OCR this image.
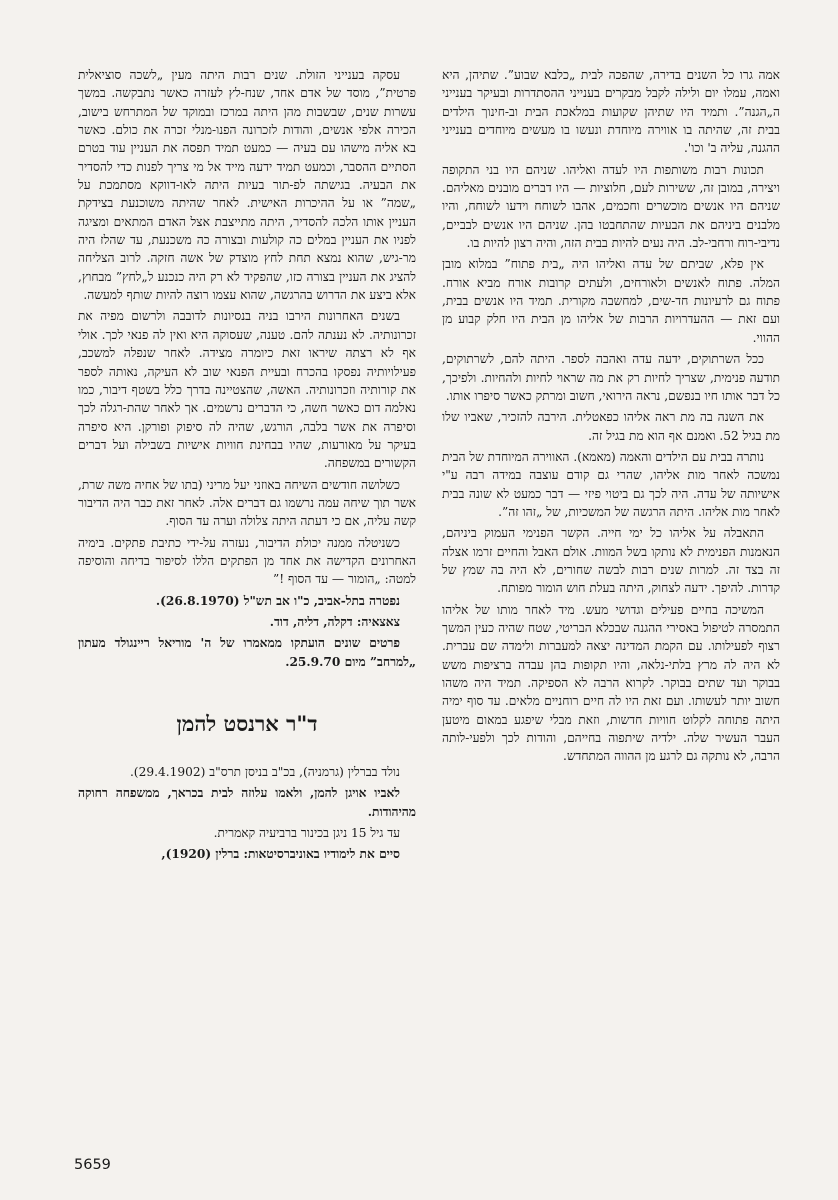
אמה גרו כל השנים בדירה, שהפכה לבית „כלבא שבוע”. שתיהן, היא ואמה, עמלו יום ולילה לקבל מבקרים בענייני ההסתדרות ובעיקר בענייני ה„הגנה”. ותמיד היו שתיהן שקועות במלאכת הבית וב-חינוך הילדים בבית זה, שהיתה בו אווירה מיוחדת ונעשו בו מעשים מיוחדים בענייני ההגנה, עליה ב' וכו'.

תכונות רבות משותפות היו לעדה ואליהו. שניהם היו בני התקופה ויצירה, במובן זה, ששירות לעם, חלוציות — היו דברים מובנים מאליהם. שניהם היו אנשים מוכשרים וחכמים, אהבו לשוחח וידעו לשוחח, והיו מלבנים ביניהם את הבעיות שהתחבטו בהן. שניהם היו אנשים לבביים, נדיבי-רוח ורחבי-לב. היה נעים להיות בבית הזה, והיה רצון להיות בו.

אין פלא, שביתם של עדה ואליהו היה „בית פתוח” במלוא מובן המלה. פתוח לאנשים ולאורחים, ולעתים קרובות אורח מביא אורח. פתוח גם לרעיונות חד-שים, למחשבה מקורית. תמיד היו אנשים בבית, ועם זאת — ההעדרויות הרבות של אליהו מן הבית היו חלק קבוע מן ההווי.

ככל השרתוקים, ידעה עדה ואהבה לספר. היתה להם, לשרתוקים, תודעה פנימית, שצריך לחיות רק את מה שראוי לחיות ולהחיות. ולפיכך, כל דבר אותו חיו בנפשם, נראה הירואי, חשוב ומרתק כאשר סיפרו אותו.

את השנה בה מת ראה אליהו כפאטלית. הירבה להזכיר, שאביו שלו מת בגיל 52. ואמנם אף הוא מת בגיל זה.

נותרה בבית עם הילדים והאמה (מאמא). האווירה המיוחדת של הבית נמשכה לאחר מות אליהו, שהרי גם קודם עוצבה במידה רבה ע"י אישיותה של עדה. היה לכך גם ביטוי פיזי — דבר כמעט לא שונה בבית לאחר מות אליהו. היתה הרגשה של המשכיות, של „זהו זה”.

התאבלה על אליהו כל ימי חייה. הקשר הפנימי העמוק ביניהם, הנאמנות הפנימית לא נותקו בשל המוות. אולם האבל והחיים זרמו אצלה זה בצד זה. למרות שנים רבות לבשה שחורים, לא היה בה שמץ של קדרות. להיפך. ידעה לצחוק, היתה בעלת חוש הומור מפותח.

המשיכה בחיים פעילים וגדושי מעש. מיד לאחר מותו של אליהו התמסרה לטיפול באסירי ההגנה שבכלא הבריטי, שטח שהיה כעין המשך רצוף לפעילותו. עם הקמת המדינה יצאה למעברות ולימדה שם עברית. לא היה לה מרץ בלתי-נלאה, והיו תקופות בהן עבדה ברציפות משש בבוקר ועד שתים בבוקר. לקרוא הרבה לא הספיקה. תמיד היה משהו חשוב יותר לעשותו. ועם זאת היו לה חיים רוחניים מלאים. עד סוף ימיה היתה פתוחה לקלוט חוויות חדשות, וזאת מבלי שיפגע במאום מיטען העבר העשיר שלה. ילדיה שיתפוה בחייהם, והודות לכך ולפעי-לותה הרבה, לא נותקה גם לרגע מן ההווה המתחדש.

עסקה בענייני הזולת. שנים רבות היתה מעין „לשכה סוציאלית פרטית”, מוסד של אדם אחד, שנח-לץ לעזרה כאשר נתבקשה. במשך עשרות שנים, שבשבות מהן היתה במרכז ובמוקד של המתרחש בישוב, הכירה אלפי אנשים, והודות לזכרונה הפנו-מנלי זכרה את כולם. כאשר בא אליה מישהו עם בעיה — כמעט תמיד תפסה את העניין עוד בטרם הסתיים ההסבר, וכמעט תמיד ידעה מייד אל מי צריך לפנות כדי להסדיר את הבעיה. בגישתה לפ-תור בעיות היתה לאו-דווקא מסתמכת על „שמה” או על ההיכרות האישית. לאחר שהיתה משוכנעת בצידקת העניין אותו הלכה להסדיר, היתה מתייצבת אצל האדם המתאים ומציגה לפניו את העניין במלים כה קולעות ובצורה כה משכנעת, עד שהלז היה מר-גיש, שהוא נמצא תחת לחץ מוצדק של אשה חזקה. לרוב הצליחה להציג את העניין בצורה כזו, שהפקיד לא רק היה כנכנע ל„לחץ” מבחוץ, אלא ביצע את הדרוש בהרגשה, שהוא עצמו רוצה להיות שותף למעשה.

בשנים האחרונות הירבו בניה בנסיונות לדובבה ולרשום מפיה את זכרונותיה. לא נענתה להם. טענה, שעסוקה היא ואין לה פנאי לכך. אולי אף לא רצתה שיראו זאת כיומרה מצידה. לאחר שנפלה למשכב, פעילויותיה נפסקו בהכרח ובעיית הפנאי שוב לא העיקה, נאותה לספר את קורותיה וזכרונותיה. האשה, שהצטיינה בדרך כלל בשטף דיבור, כמו נאלמה דום כאשר חשה, כי הדברים נרשמים. אך לאחר שהת-רגלה לכך וסיפרה את אשר בלבה, הורגש, שהיה לה סיפוק ופורקן. היא סיפרה בעיקר על מאורעות, שהיו בבחינת חוויות אישיות בשבילה ועל דברים הקשורים במשפחה.

כשלושה חודשים השיחה באוזני יעל מריני (בתו של אחיה משה שרת, אשר תוך שיחה עמה נרשמו גם דברים אלה. לאחר זאת כבר היה הדיבור קשה עליה, אם כי דעתה היתה צלולה וערה עד הסוף.

כשניטלה ממנה יכולת הדיבור, נעזרה על-ידי כתיבת פתקים. בימיה האחרונים הקדישה את אחד מן הפתקים הללו לסיפור בדיחה והוסיפה למטה: „הומור — עד הסוף !”

נפטרה בתל-אביב, כ"ו אב תש"ל (26.8.1970).

צאצאיה: דקלה, דליה, דוד.

פרטים שונים הועתקו ממאמרו של ה' מוריאל ריינגולד מעתון „למרחב” מיום 25.9.70.

ד"ר ארנסט להמן

נולד בברלין (גרמניה), בכ"ב בניסן תרס"ב (29.4.1902).

לאביו אויגן להמן, ולאמו עלוזה לבית בכראך, ממשפחה רחוקה מהיהודות.

עד גיל 15 ניגן בכינור ברביעיה קאמרית.

סיים את לימודיו באוניברסיטאות: ברלין (1920),

5659
